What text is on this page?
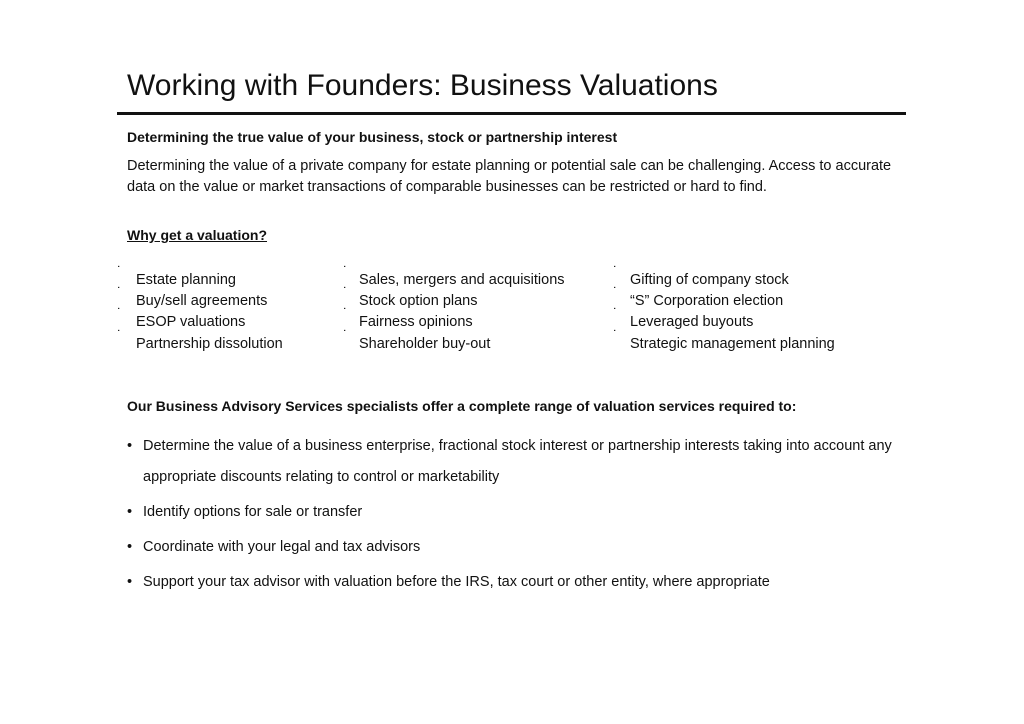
Working with Founders: Business Valuations
Determining the true value of your business, stock or partnership interest
Determining the value of a private company for estate planning or potential sale can be challenging. Access to accurate data on the value or market transactions of comparable businesses can be restricted or hard to find.
Why get a valuation?
˙
Estate planning
˙
Buy/sell agreements
˙
ESOP valuations
˙
Partnership dissolution
˙
Sales, mergers and acquisitions
˙
Stock option plans
˙
Fairness opinions
˙
Shareholder buy-out
˙
Gifting of company stock
˙
“S” Corporation election
˙
Leveraged buyouts
˙
Strategic management planning
Our Business Advisory Services specialists offer a complete range of valuation services required to:
• Determine the value of a business enterprise, fractional stock interest or partnership interests taking into account any appropriate discounts relating to control or marketability
• Identify options for sale or transfer
• Coordinate with your legal and tax advisors
• Support your tax advisor with valuation before the IRS, tax court or other entity, where appropriate
